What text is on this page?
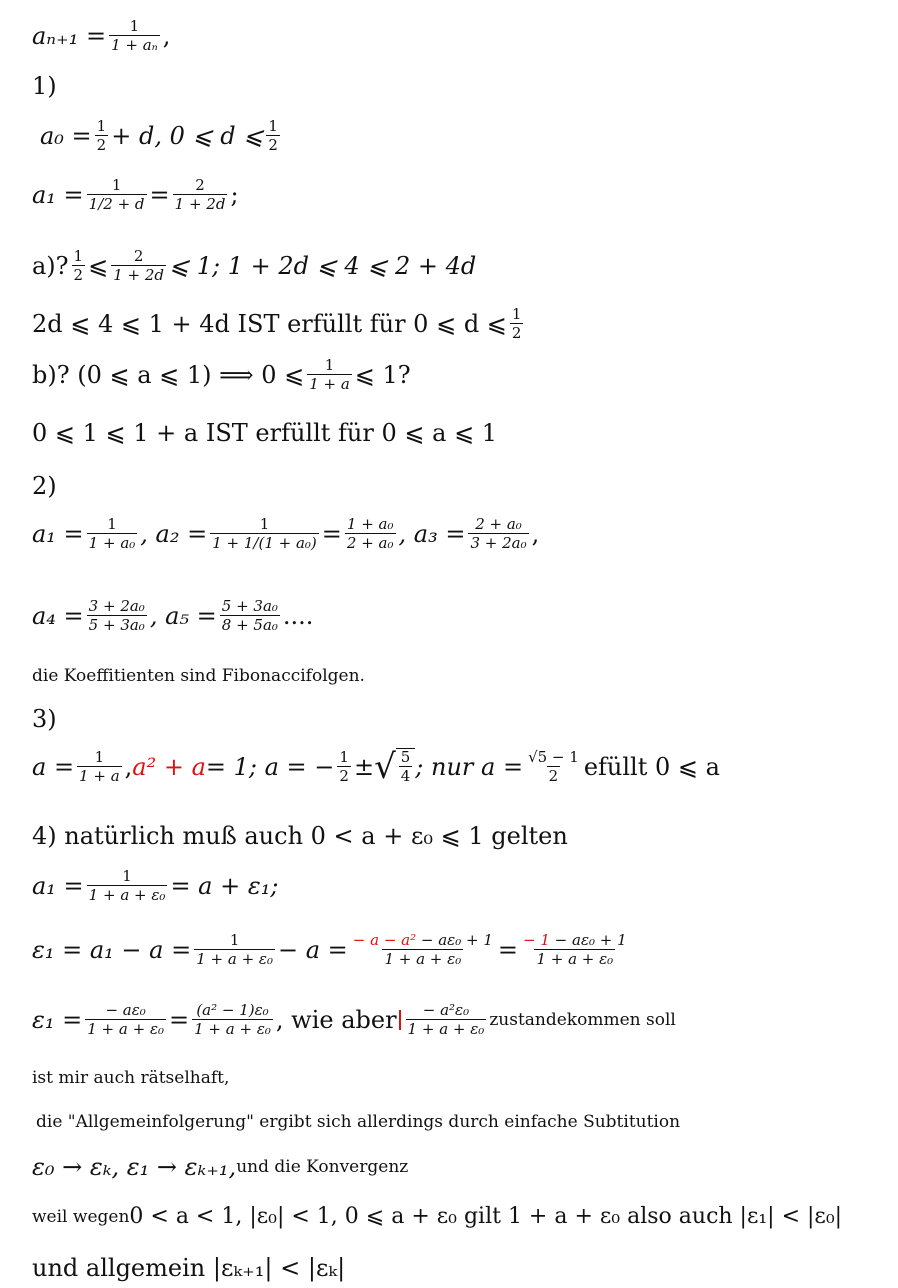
$a_{n+1} = \frac{1}{\text{1 + aₙ}}$ ,
1)
$a_0 = \frac{1}{2} + d$, 0 ⩽ d ⩽ $\frac{1}{2}$
$a_1 = \frac{1}{1/2 + d} = \frac{2}{1 + 2d}$ ;
a)? $\frac{1}{2}$ ⩽ $\frac{2}{1 + 2d}$ ⩽ 1; 1 + 2d ⩽ 4 ⩽ 2 + 4d
2d ⩽ 4 ⩽ 1 + 4d IST erfüllt für 0 ⩽ d ⩽ $\frac{1}{2}$
b)? (0 ⩽ a ⩽ 1) ⟹ 0 ⩽ $\frac{1}{1 + a}$ ⩽ 1?
0 ⩽ 1 ⩽ 1 + a IST erfüllt für 0 ⩽ a ⩽ 1
2)
$a_1 = \frac{1}{\text{1 + a₀}}$ , $a_2 = \frac{1}{\text{1 + 1/(1 + a₀)}} = \frac{\text{1 + a₀}}{\text{2 + a₀}}$ , $a_3 = \frac{\text{2 + a₀}}{\text{3 + 2a₀}}$ ,
$a_4 = \frac{\text{3 + 2a₀}}{\text{5 + 3a₀}}$ , $a_5 = \frac{\text{5 + 3a₀}}{\text{8 + 5a₀}}$ ....
die Koeffitienten sind Fibonaccifolgen.
3)
$a = \frac{1}{1 + a}$ , a² + a = 1; a = − $\frac{1}{2}$ ± √ $\frac{5}{4}$ ; nur $a = \frac{√5 - 1}{2}$ efüllt 0 ⩽ a
4) natürlich muß auch 0 < a + ε₀ ⩽ 1 gelten
$a_1 = \frac{1}{\text{1 + a + ε₀}} = a + \varepsilon_1$;
$\varepsilon_1 = a_1 - a = \frac{1}{\text{1 + a + ε₀}} - a = \frac{\text{− a − a² − aε₀ + 1}}{\text{1 + a + ε₀}} = \frac{\text{− 1 − aε₀ + 1}}{\text{1 + a + ε₀}}$
$\varepsilon_1 = \frac{\text{− aε₀}}{\text{1 + a + ε₀}} = \frac{\text{(a² − 1)ε₀}}{\text{1 + a + ε₀}}$ , wie aber $\frac{\text{− a²ε₀}}{\text{1 + a + ε₀}}$ zustandekommen soll
ist mir auch rätselhaft,
die "Allgemeinfolgerung" ergibt sich allerdings durch einfache Subtitution
ε₀ → εₖ, ε₁ → εₖ₊₁, und die Konvergenz
weil wegen 0 < a < 1, |ε₀| < 1, 0 ⩽ a + ε₀ gilt 1 + a + ε₀ also auch |ε₁| < |ε₀|
und allgemein |εₖ₊₁| < |εₖ|
